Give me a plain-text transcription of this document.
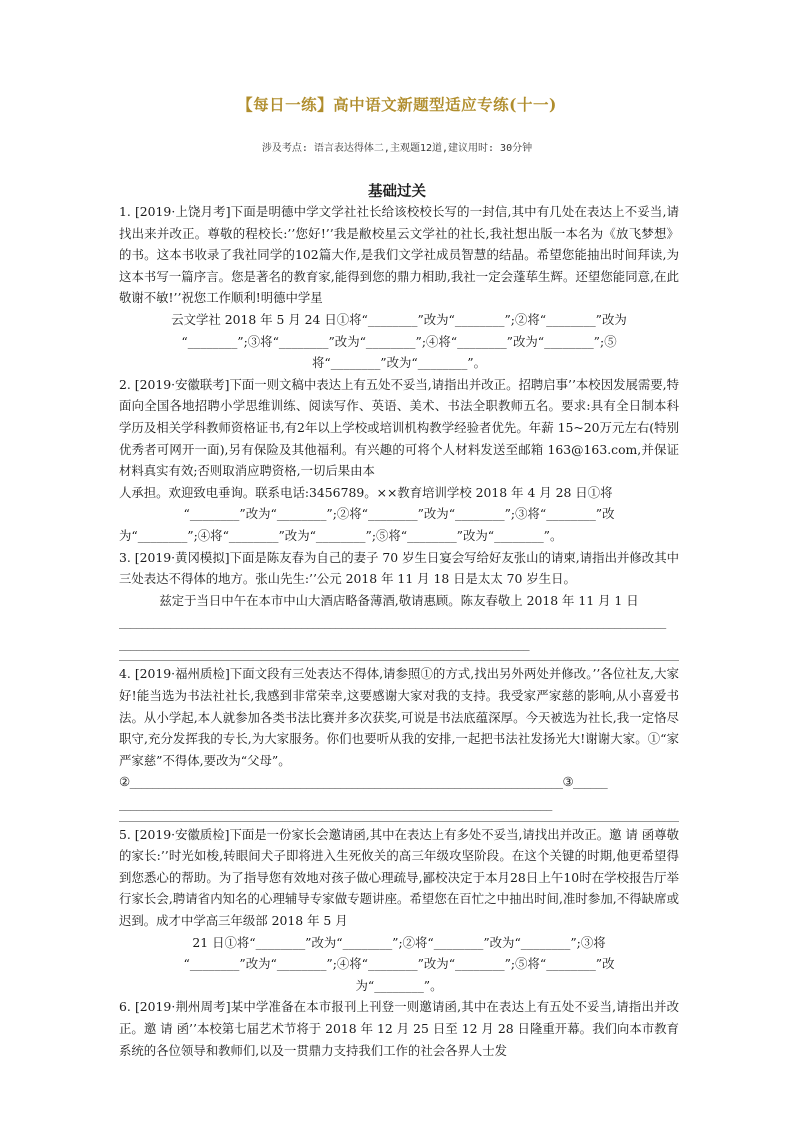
【每日一练】高中语文新题型适应专练(十一)
涉及考点: 语言表达得体二,主观题12道,建议用时: 30分钟
基础过关

1. [2019·上饶月考]下面是明德中学文学社社长给该校校长写的一封信,其中有几处在表达上不妥当,请找出来并改正。尊敬的程校长:’’您好!’’我是敝校星云文学社的社长,我社想出版一本名为《放飞梦想》的书。这本书收录了我社同学的102篇大作,是我们文学社成员智慧的结晶。希望您能抽出时间拜读,为这本书写一篇序言。您是著名的教育家,能得到您的鼎力相助,我社一定会蓬荜生辉。还望您能同意,在此敬谢不敏!’’祝您工作顺利!明德中学星

云文学社 2018 年 5 月 24 日①将“________”改为“________”;②将“________”改为

“________”;③将“________”改为“________”;④将“________”改为“________”;⑤

将“________”改为“________”。

2. [2019·安徽联考]下面一则文稿中表达上有五处不妥当,请指出并改正。招聘启事’’本校因发展需要,特面向全国各地招聘小学思维训练、阅读写作、英语、美术、书法全职教师五名。要求:具有全日制本科学历及相关学科教师资格证书,有2年以上学校或培训机构教学经验者优先。年薪 15~20万元左右(特别优秀者可网开一面),另有保险及其他福利。有兴趣的可将个人材料发送至邮箱 163@163.com,并保证材料真实有效;否则取消应聘资格,一切后果由本

人承担。欢迎致电垂询。联系电话:3456789。××教育培训学校 2018 年 4 月 28 日①将

“________”改为“________”;②将“________”改为“________”;③将“________”改

为“________”;④将“________”改为“________”;⑤将“________”改为“________”。

3. [2019·黄冈模拟]下面是陈友春为自己的妻子 70 岁生日宴会写给好友张山的请柬,请指出并修改其中三处表达不得体的地方。张山先生:’’公元 2018 年 11 月 18 日是太太 70 岁生日。

兹定于当日中午在本市中山大酒店略备薄酒,敬请惠顾。陈友春敬上 2018 年 11 月 1 日

________________________________________________________________________________________________

________________________________________________________________________

4. [2019·福州质检]下面文段有三处表达不得体,请参照①的方式,找出另外两处并修改。’’各位社友,大家好!能当选为书法社社长,我感到非常荣幸,这要感谢大家对我的支持。我受家严家慈的影响,从小喜爱书法。从小学起,本人就参加各类书法比赛并多次获奖,可说是书法底蕴深厚。今天被选为社长,我一定恪尽职守,充分发挥我的专长,为大家服务。你们也要听从我的安排,一起把书法社发扬光大!谢谢大家。①“家严家慈”不得体,要改为“父母”。

②____________________________________________________________________________③______

____________________________________________________________________________

5. [2019·安徽质检]下面是一份家长会邀请函,其中在表达上有多处不妥当,请找出并改正。邀 请 函尊敬的家长:’’时光如梭,转眼间犬子即将进入生死攸关的高三年级攻坚阶段。在这个关键的时期,他更希望得到您悉心的帮助。为了指导您有效地对孩子做心理疏导,鄙校决定于本月28日上午10时在学校报告厅举行家长会,聘请省内知名的心理辅导专家做专题讲座。希望您在百忙之中抽出时间,准时参加,不得缺席或迟到。成才中学高三年级部 2018 年 5 月

21 日①将“________”改为“________”;②将“________”改为“________”;③将

“________”改为“________”;④将“________”改为“________”;⑤将“________”改

为“________”。

6. [2019·荆州周考]某中学准备在本市报刊上刊登一则邀请函,其中在表达上有五处不妥当,请指出并改正。邀 请 函’’本校第七届艺术节将于 2018 年 12 月 25 日至 12 月 28 日隆重开幕。我们向本市教育系统的各位领导和教师们,以及一贯鼎力支持我们工作的社会各界人士发
